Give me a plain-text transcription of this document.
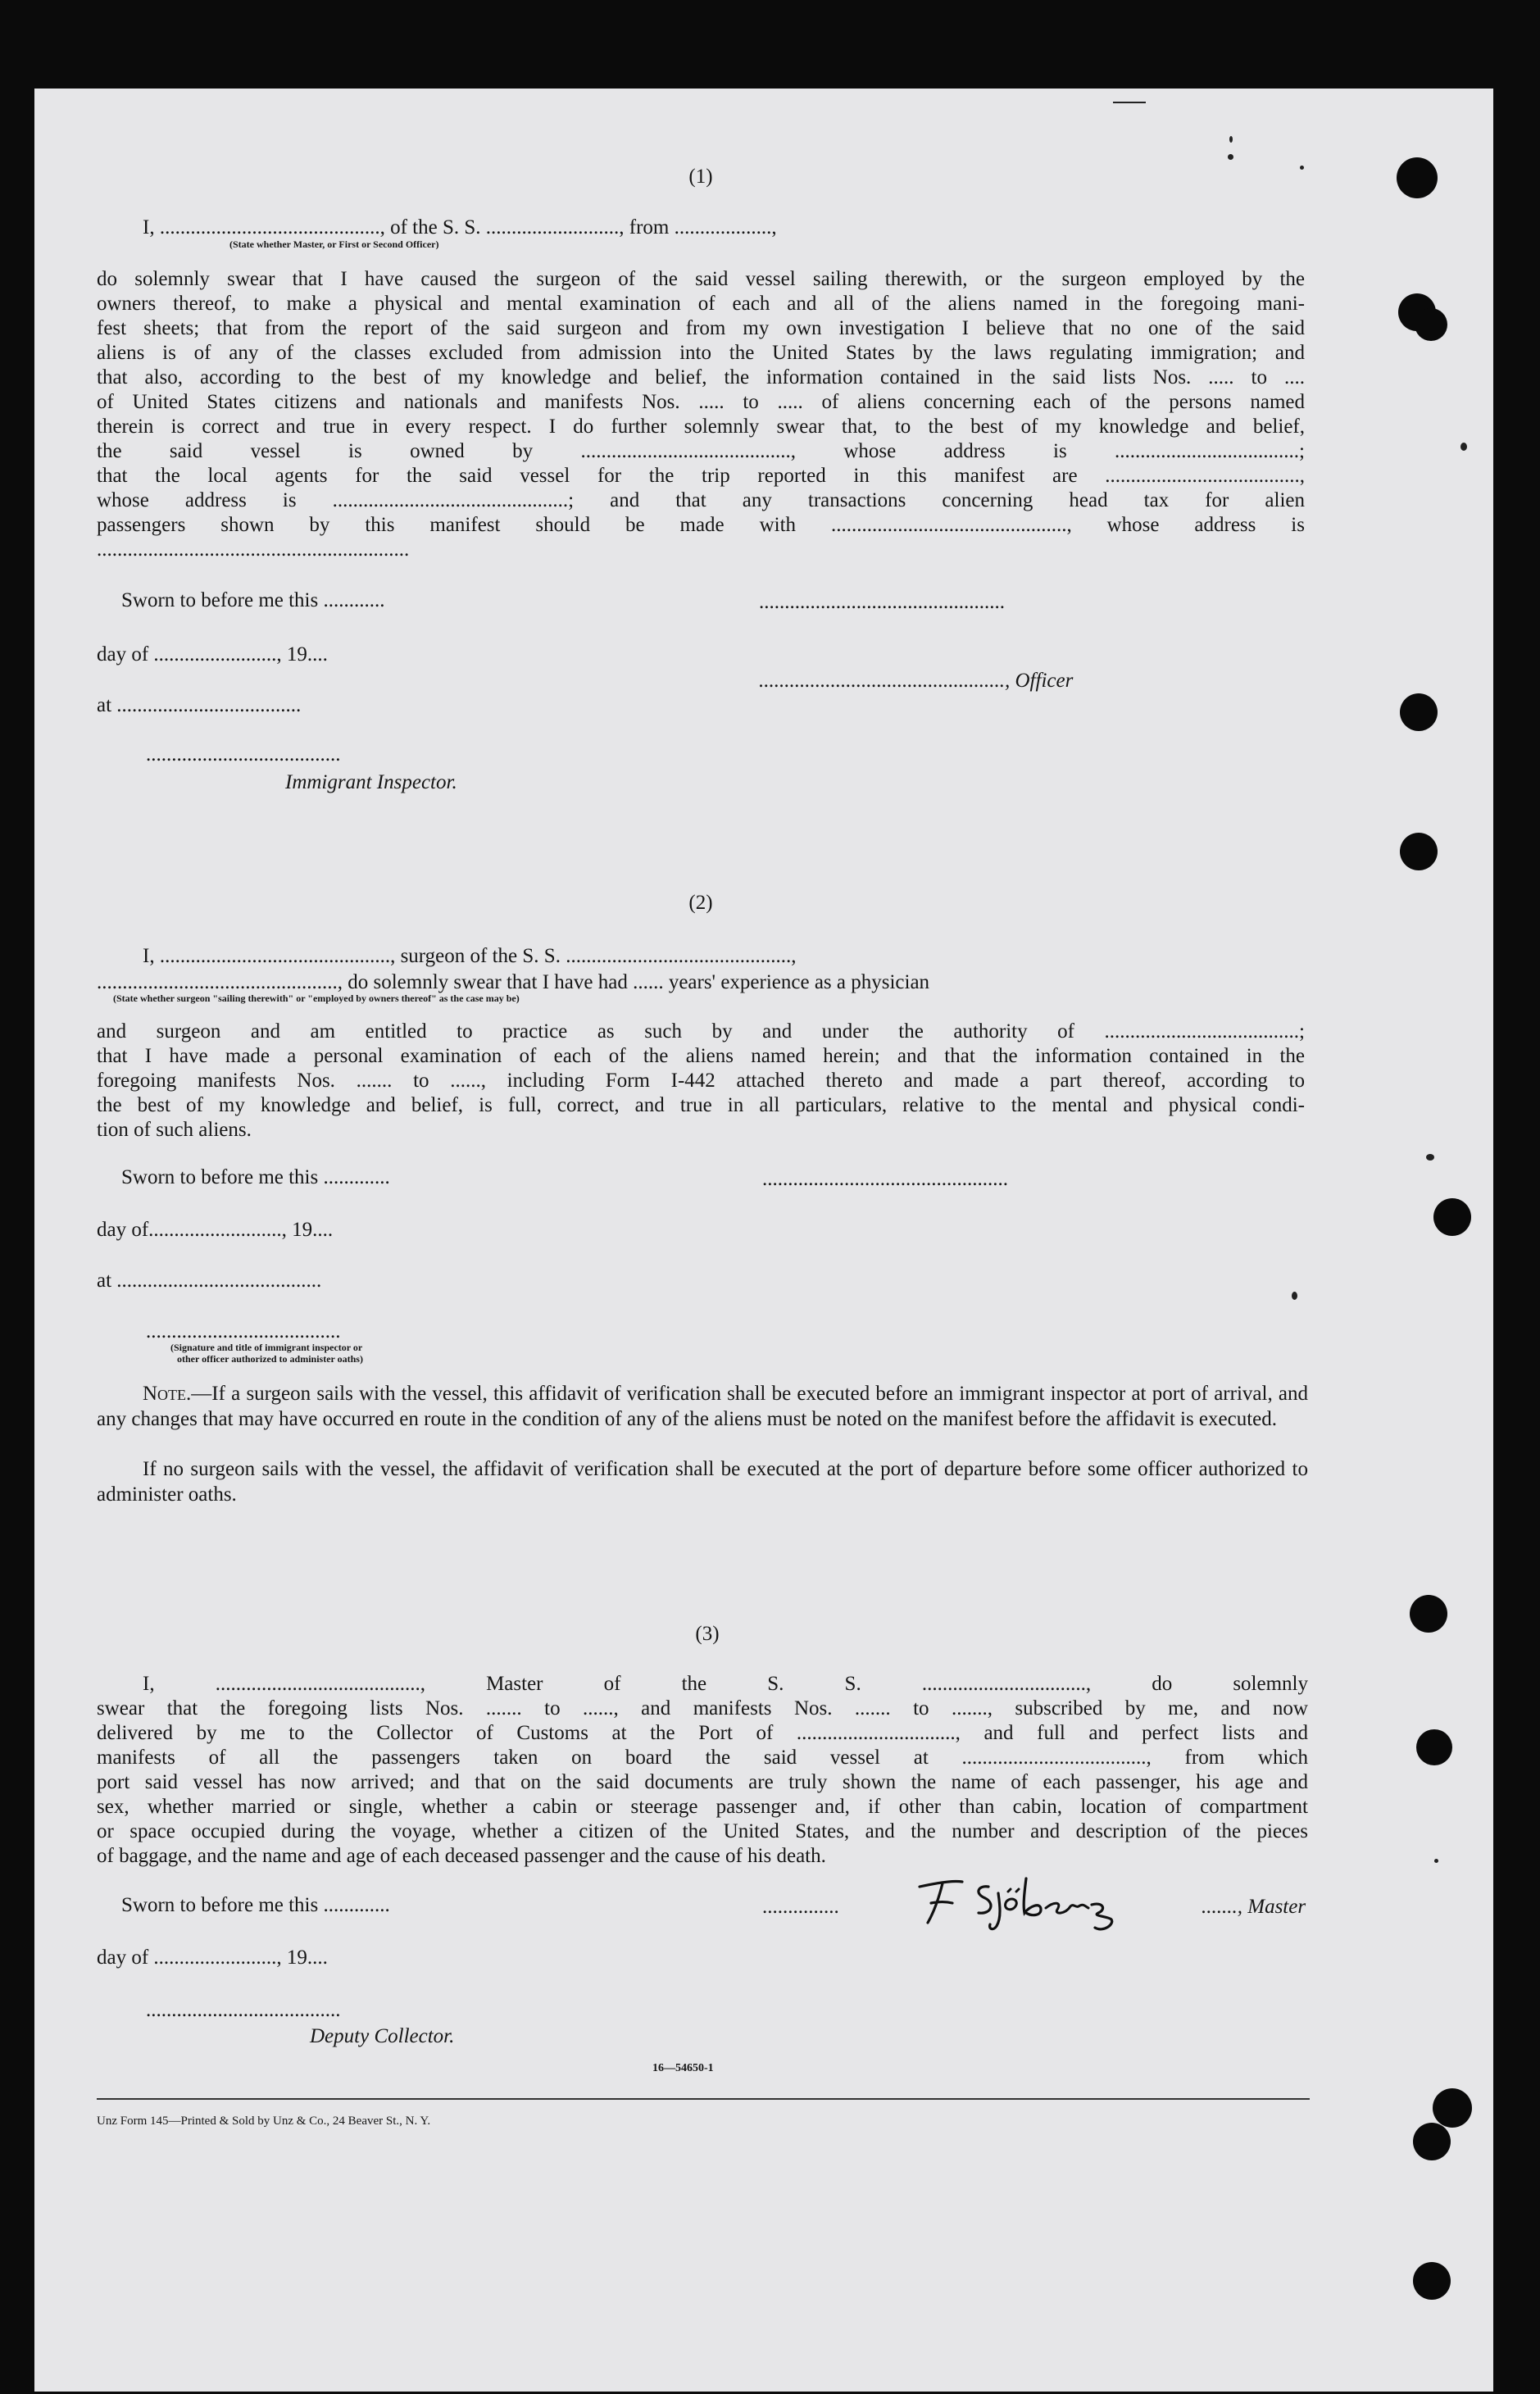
(1)
I, ..........................................., of the S. S. .........................., from ...................,
(State whether Master, or First or Second Officer)
do solemnly swear that I have caused the surgeon of the said vessel sailing therewith, or the surgeon employed by the
owners thereof, to make a physical and mental examination of each and all of the aliens named in the foregoing mani-
fest sheets; that from the report of the said surgeon and from my own investigation I believe that no one of the said
aliens is of any of the classes excluded from admission into the United States by the laws regulating immigration; and
that also, according to the best of my knowledge and belief, the information contained in the said lists Nos. ..... to ....
of United States citizens and nationals and manifests Nos. ..... to ..... of aliens concerning each of the persons named
therein is correct and true in every respect. I do further solemnly swear that, to the best of my knowledge and belief,
the said vessel is owned by ........................................., whose address is ....................................;
that the local agents for the said vessel for the trip reported in this manifest are ......................................,
whose address is ..............................................; and that any transactions concerning head tax for alien
passengers shown by this manifest should be made with .............................................., whose address is
.............................................................
Sworn to before me this ............	................................................
day of ........................, 19....
................................................, Officer
at ....................................
......................................
Immigrant Inspector.
(2)
I, ............................................., surgeon of the S. S. ............................................,
..............................................., do solemnly swear that I have had ...... years' experience as a physician
(State whether surgeon "sailing therewith" or "employed by owners thereof" as the case may be)
and surgeon and am entitled to practice as such by and under the authority of ......................................;
that I have made a personal examination of each of the aliens named herein; and that the information contained in the
foregoing manifests Nos. ....... to ......, including Form I-442 attached thereto and made a part thereof, according to
the best of my knowledge and belief, is full, correct, and true in all particulars, relative to the mental and physical condi-
tion of such aliens.
Sworn to before me this .............	................................................
day of.........................., 19....
at ........................................
......................................
(Signature and title of immigrant inspector or
other officer authorized to administer oaths)
Note.—If a surgeon sails with the vessel, this affidavit of verification shall be executed before an immigrant inspector at port of arrival, and any changes that may have occurred en route in the condition of any of the aliens must be noted on the manifest before the affidavit is executed.
If no surgeon sails with the vessel, the affidavit of verification shall be executed at the port of departure before some officer authorized to administer oaths.
(3)
I, ........................................, Master of the S. S. ................................, do solemnly
swear that the foregoing lists Nos. ....... to ......, and manifests Nos. ....... to ......., subscribed by me, and now
delivered by me to the Collector of Customs at the Port of ..............................., and full and perfect lists and
manifests of all the passengers taken on board the said vessel at ...................................., from which
port said vessel has now arrived; and that on the said documents are truly shown the name of each passenger, his age and
sex, whether married or single, whether a cabin or steerage passenger and, if other than cabin, location of compartment
or space occupied during the voyage, whether a citizen of the United States, and the number and description of the pieces
of baggage, and the name and age of each deceased passenger and the cause of his death.
Sworn to before me this .............	...............	......., Master
day of ........................, 19....
......................................
Deputy Collector.
16—54650-1
Unz Form 145—Printed & Sold by Unz & Co., 24 Beaver St., N. Y.
